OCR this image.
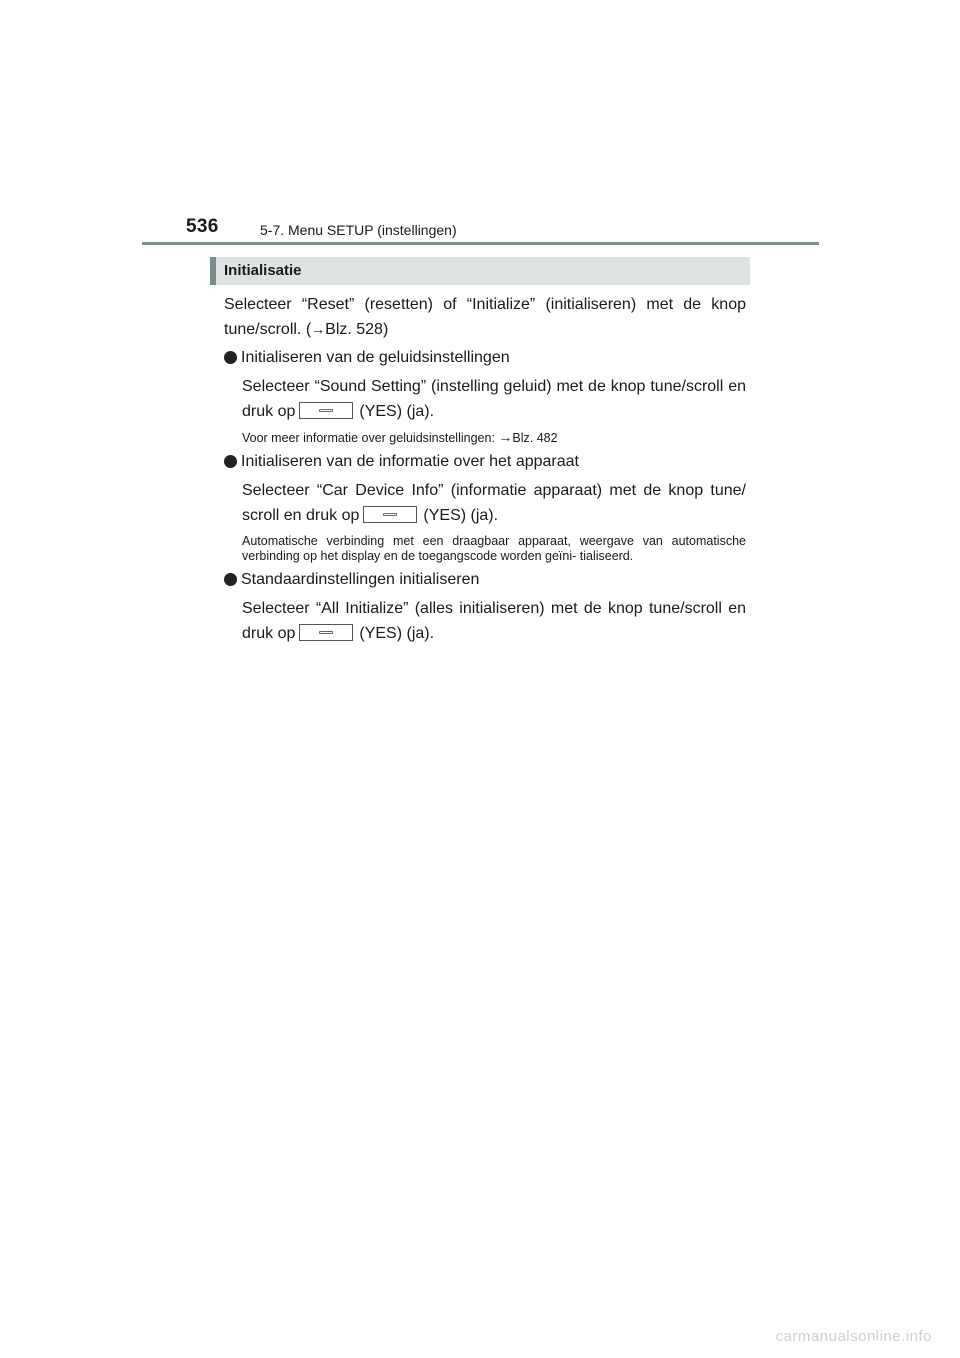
536	5-7. Menu SETUP (instellingen)
Initialisatie

Selecteer “Reset” (resetten) of “Initialize” (initialiseren) met de knop tune/scroll. (→Blz. 528)

Initialiseren van de geluidsinstellingen
Selecteer “Sound Setting” (instelling geluid) met de knop tune/scroll en druk op	(YES) (ja).
Voor meer informatie over geluidsinstellingen: →Blz. 482
Initialiseren van de informatie over het apparaat
Selecteer “Car Device Info” (informatie apparaat) met de knop tune/ scroll en druk op	(YES) (ja).
Automatische verbinding met een draagbaar apparaat, weergave van automatische verbinding op het display en de toegangscode worden geïni- tialiseerd.
Standaardinstellingen initialiseren
Selecteer “All Initialize” (alles initialiseren) met de knop tune/scroll en druk op	(YES) (ja).
carmanualsonline.info
